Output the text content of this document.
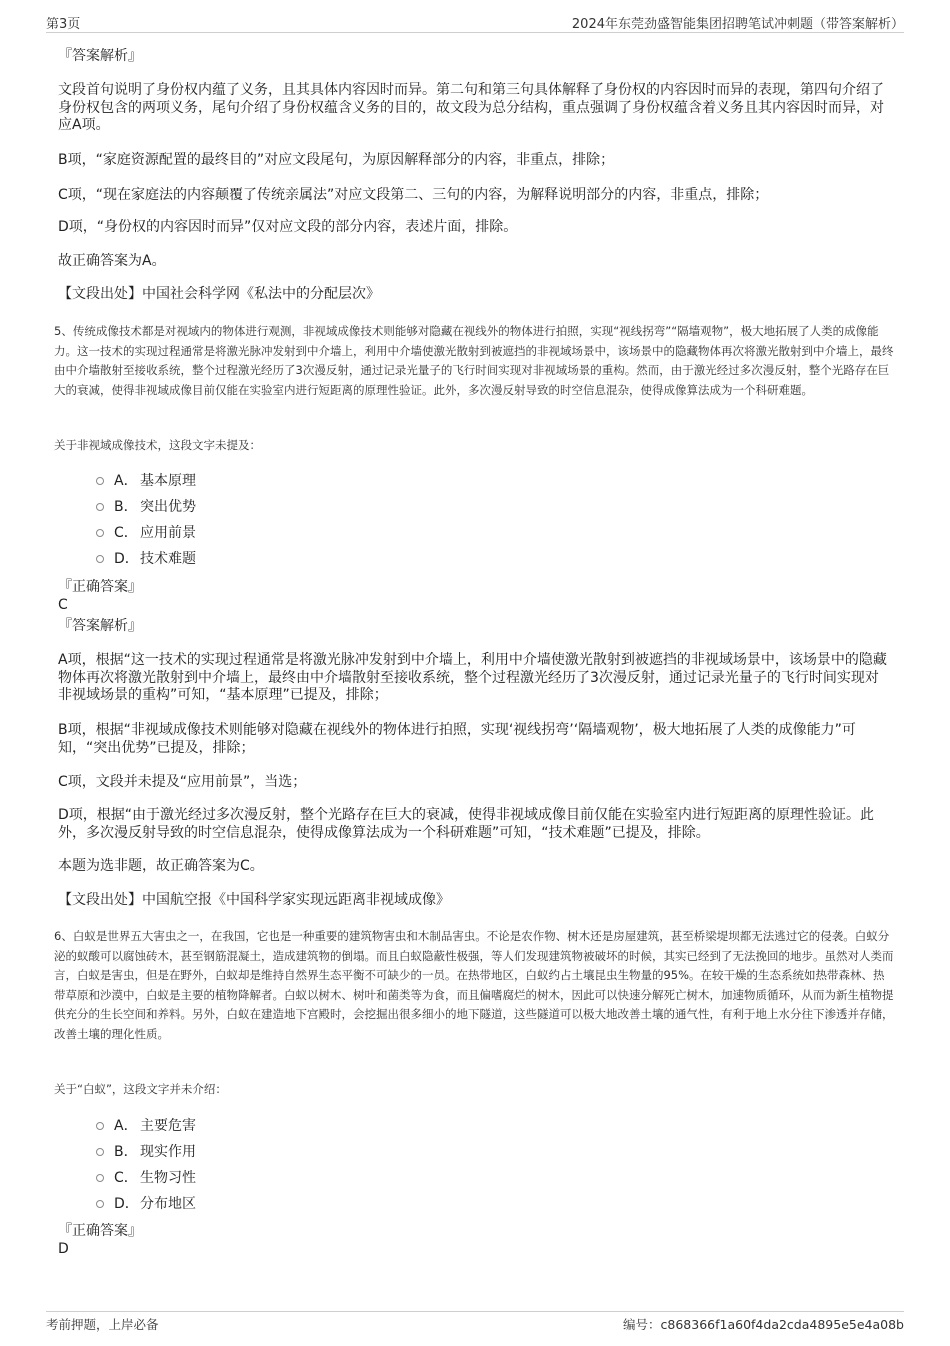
第3页	2024年东莞劲盛智能集团招聘笔试冲刺题（带答案解析）

『答案解析』

文段首句说明了身份权内蕴了义务，且其具体内容因时而异。第二句和第三句具体解释了身份权的内容因时而异的表现，第四句介绍了身份权包含的两项义务，尾句介绍了身份权蕴含义务的目的，故文段为总分结构，重点强调了身份权蕴含着义务且其内容因时而异，对应A项。

B项，“家庭资源配置的最终目的”对应文段尾句，为原因解释部分的内容，非重点，排除；

C项，“现在家庭法的内容颠覆了传统亲属法”对应文段第二、三句的内容，为解释说明部分的内容，非重点，排除；

D项，“身份权的内容因时而异”仅对应文段的部分内容，表述片面，排除。

故正确答案为A。

【文段出处】中国社会科学网《私法中的分配层次》

5、传统成像技术都是对视域内的物体进行观测，非视域成像技术则能够对隐藏在视线外的物体进行拍照，实现“视线拐弯”“隔墙观物”，极大地拓展了人类的成像能力。这一技术的实现过程通常是将激光脉冲发射到中介墙上，利用中介墙使激光散射到被遮挡的非视域场景中，该场景中的隐藏物体再次将激光散射到中介墙上，最终由中介墙散射至接收系统，整个过程激光经历了3次漫反射，通过记录光量子的飞行时间实现对非视域场景的重构。然而，由于激光经过多次漫反射，整个光路存在巨大的衰减，使得非视域成像目前仅能在实验室内进行短距离的原理性验证。此外，多次漫反射导致的时空信息混杂，使得成像算法成为一个科研难题。

关于非视域成像技术，这段文字未提及：

A． 基本原理
B． 突出优势
C． 应用前景
D．技术难题

『正确答案』

C

『答案解析』

A项，根据“这一技术的实现过程通常是将激光脉冲发射到中介墙上，利用中介墙使激光散射到被遮挡的非视域场景中，该场景中的隐藏物体再次将激光散射到中介墙上，最终由中介墙散射至接收系统，整个过程激光经历了3次漫反射，通过记录光量子的飞行时间实现对非视域场景的重构”可知，“基本原理”已提及，排除；

B项，根据“非视域成像技术则能够对隐藏在视线外的物体进行拍照，实现‘视线拐弯’‘隔墙观物’，极大地拓展了人类的成像能力”可知，“突出优势”已提及，排除；

C项，文段并未提及“应用前景”，当选；

D项，根据“由于激光经过多次漫反射，整个光路存在巨大的衰减，使得非视域成像目前仅能在实验室内进行短距离的原理性验证。此外，多次漫反射导致的时空信息混杂，使得成像算法成为一个科研难题”可知，“技术难题”已提及，排除。

本题为选非题，故正确答案为C。

【文段出处】中国航空报《中国科学家实现远距离非视域成像》

6、白蚁是世界五大害虫之一，在我国，它也是一种重要的建筑物害虫和木制品害虫。不论是农作物、树木还是房屋建筑，甚至桥梁堤坝都无法逃过它的侵袭。白蚁分泌的蚁酸可以腐蚀砖木，甚至钢筋混凝土，造成建筑物的倒塌。而且白蚁隐蔽性极强，等人们发现建筑物被破坏的时候，其实已经到了无法挽回的地步。虽然对人类而言，白蚁是害虫，但是在野外，白蚁却是维持自然界生态平衡不可缺少的一员。在热带地区，白蚁约占土壤昆虫生物量的95%。在较干燥的生态系统如热带森林、热带草原和沙漠中，白蚁是主要的植物降解者。白蚁以树木、树叶和菌类等为食，而且偏嗜腐烂的树木，因此可以快速分解死亡树木，加速物质循环，从而为新生植物提供充分的生长空间和养料。另外，白蚁在建造地下宫殿时，会挖掘出很多细小的地下隧道，这些隧道可以极大地改善土壤的通气性，有利于地上水分往下渗透并存储，改善土壤的理化性质。

关于“白蚁”，这段文字并未介绍：

A． 主要危害
B． 现实作用
C． 生物习性
D．分布地区

『正确答案』

D

考前押题，上岸必备	编号：c868366f1a60f4da2cda4895e5e4a08b
